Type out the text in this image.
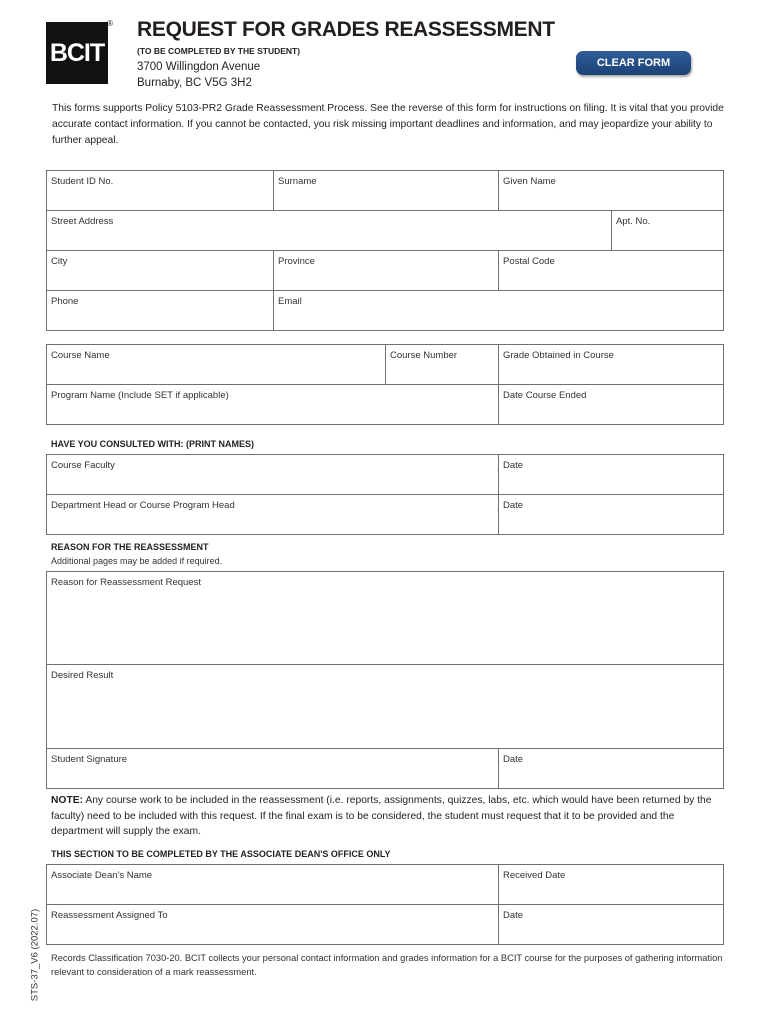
BCIT
® REQUEST FOR GRADES REASSESSMENT
(TO BE COMPLETED BY THE STUDENT)
3700 Willingdon Avenue
Burnaby, BC V5G 3H2
CLEAR FORM

This forms supports Policy 5103-PR2 Grade Reassessment Process. See the reverse of this form for instructions on filing. It is vital that you provide accurate contact information. If you cannot be contacted, you risk missing important deadlines and information, and may jeopardize your ability to further appeal.

Student ID No.	Surname	Given Name
Street Address	Apt. No.
City	Province	Postal Code
Phone	Email
Course Name	Course Number	Grade Obtained in Course
Program Name (Include SET if applicable)	Date Course Ended
HAVE YOU CONSULTED WITH: (PRINT NAMES)
Course Faculty	Date
Department Head or Course Program Head	Date
REASON FOR THE REASSESSMENT
Additional pages may be added if required.
Reason for Reassessment Request
Desired Result
Student Signature	Date

NOTE: Any course work to be included in the reassessment (i.e. reports, assignments, quizzes, labs, etc. which would have been returned by the faculty) need to be included with this request. If the final exam is to be considered, the student must request that it to be provided and the department will supply the exam.

THIS SECTION TO BE COMPLETED BY THE ASSOCIATE DEAN'S OFFICE ONLY
Associate Dean's Name	Received Date
Reassessment Assigned To	Date

Records Classification 7030-20. BCIT collects your personal contact information and grades information for a BCIT course for the purposes of gathering information relevant to consideration of a mark reassessment.

STS-37_V6 (2022.07)
